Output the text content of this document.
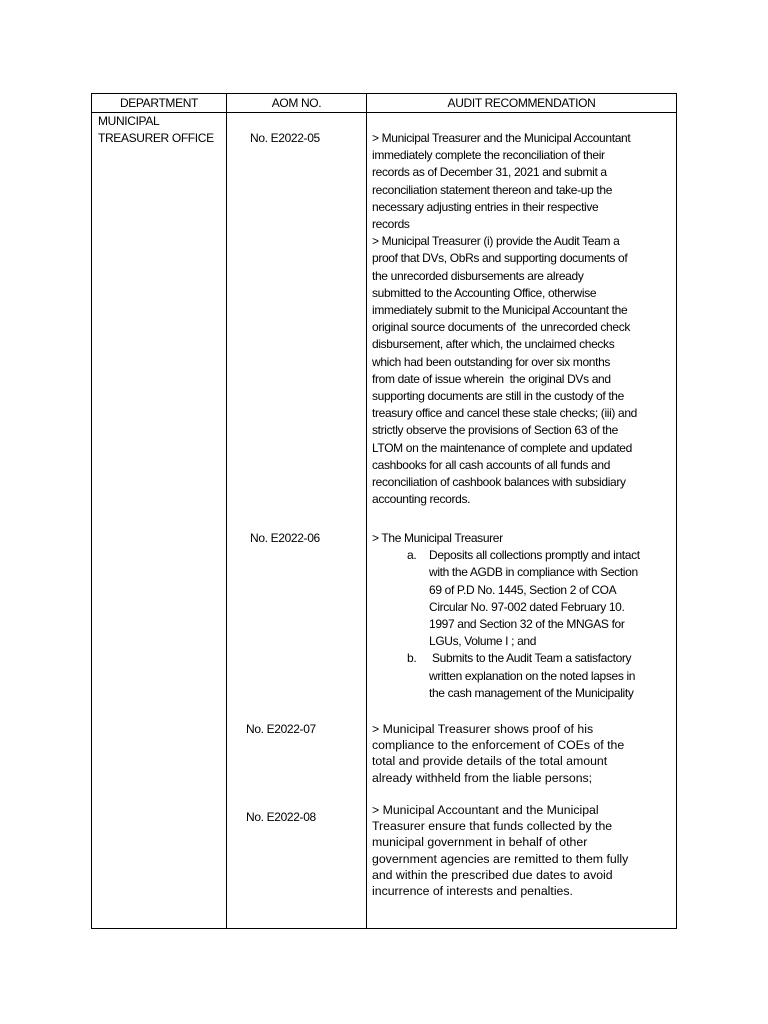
DEPARTMENT	AOM NO.	AUDIT RECOMMENDATION
MUNICIPAL
TREASURER OFFICE	No. E2022-05	> Municipal Treasurer and the Municipal Accountant
immediately complete the reconciliation of their
records as of December 31, 2021 and submit a
reconciliation statement thereon and take-up the
necessary adjusting entries in their respective
records
> Municipal Treasurer (i) provide the Audit Team a
proof that DVs, ObRs and supporting documents of
the unrecorded disbursements are already
submitted to the Accounting Office, otherwise
immediately submit to the Municipal Accountant the
original source documents of  the unrecorded check
disbursement, after which, the unclaimed checks
which had been outstanding for over six months
from date of issue wherein  the original DVs and
supporting documents are still in the custody of the
treasury office and cancel these stale checks; (iii) and
strictly observe the provisions of Section 63 of the
LTOM on the maintenance of complete and updated
cashbooks for all cash accounts of all funds and
reconciliation of cashbook balances with subsidiary
accounting records.
No. E2022-06	> The Municipal Treasurer
a. Deposits all collections promptly and intact
with the AGDB in compliance with Section
69 of P.D No. 1445, Section 2 of COA
Circular No. 97-002 dated February 10.
1997 and Section 32 of the MNGAS for
LGUs, Volume I ; and
b. Submits to the Audit Team a satisfactory
written explanation on the noted lapses in
the cash management of the Municipality
No. E2022-07	> Municipal Treasurer shows proof of his
compliance to the enforcement of COEs of the
total and provide details of the total amount
already withheld from the liable persons;
No. E2022-08	> Municipal Accountant and the Municipal
Treasurer ensure that funds collected by the
municipal government in behalf of other
government agencies are remitted to them fully
and within the prescribed due dates to avoid
incurrence of interests and penalties.
